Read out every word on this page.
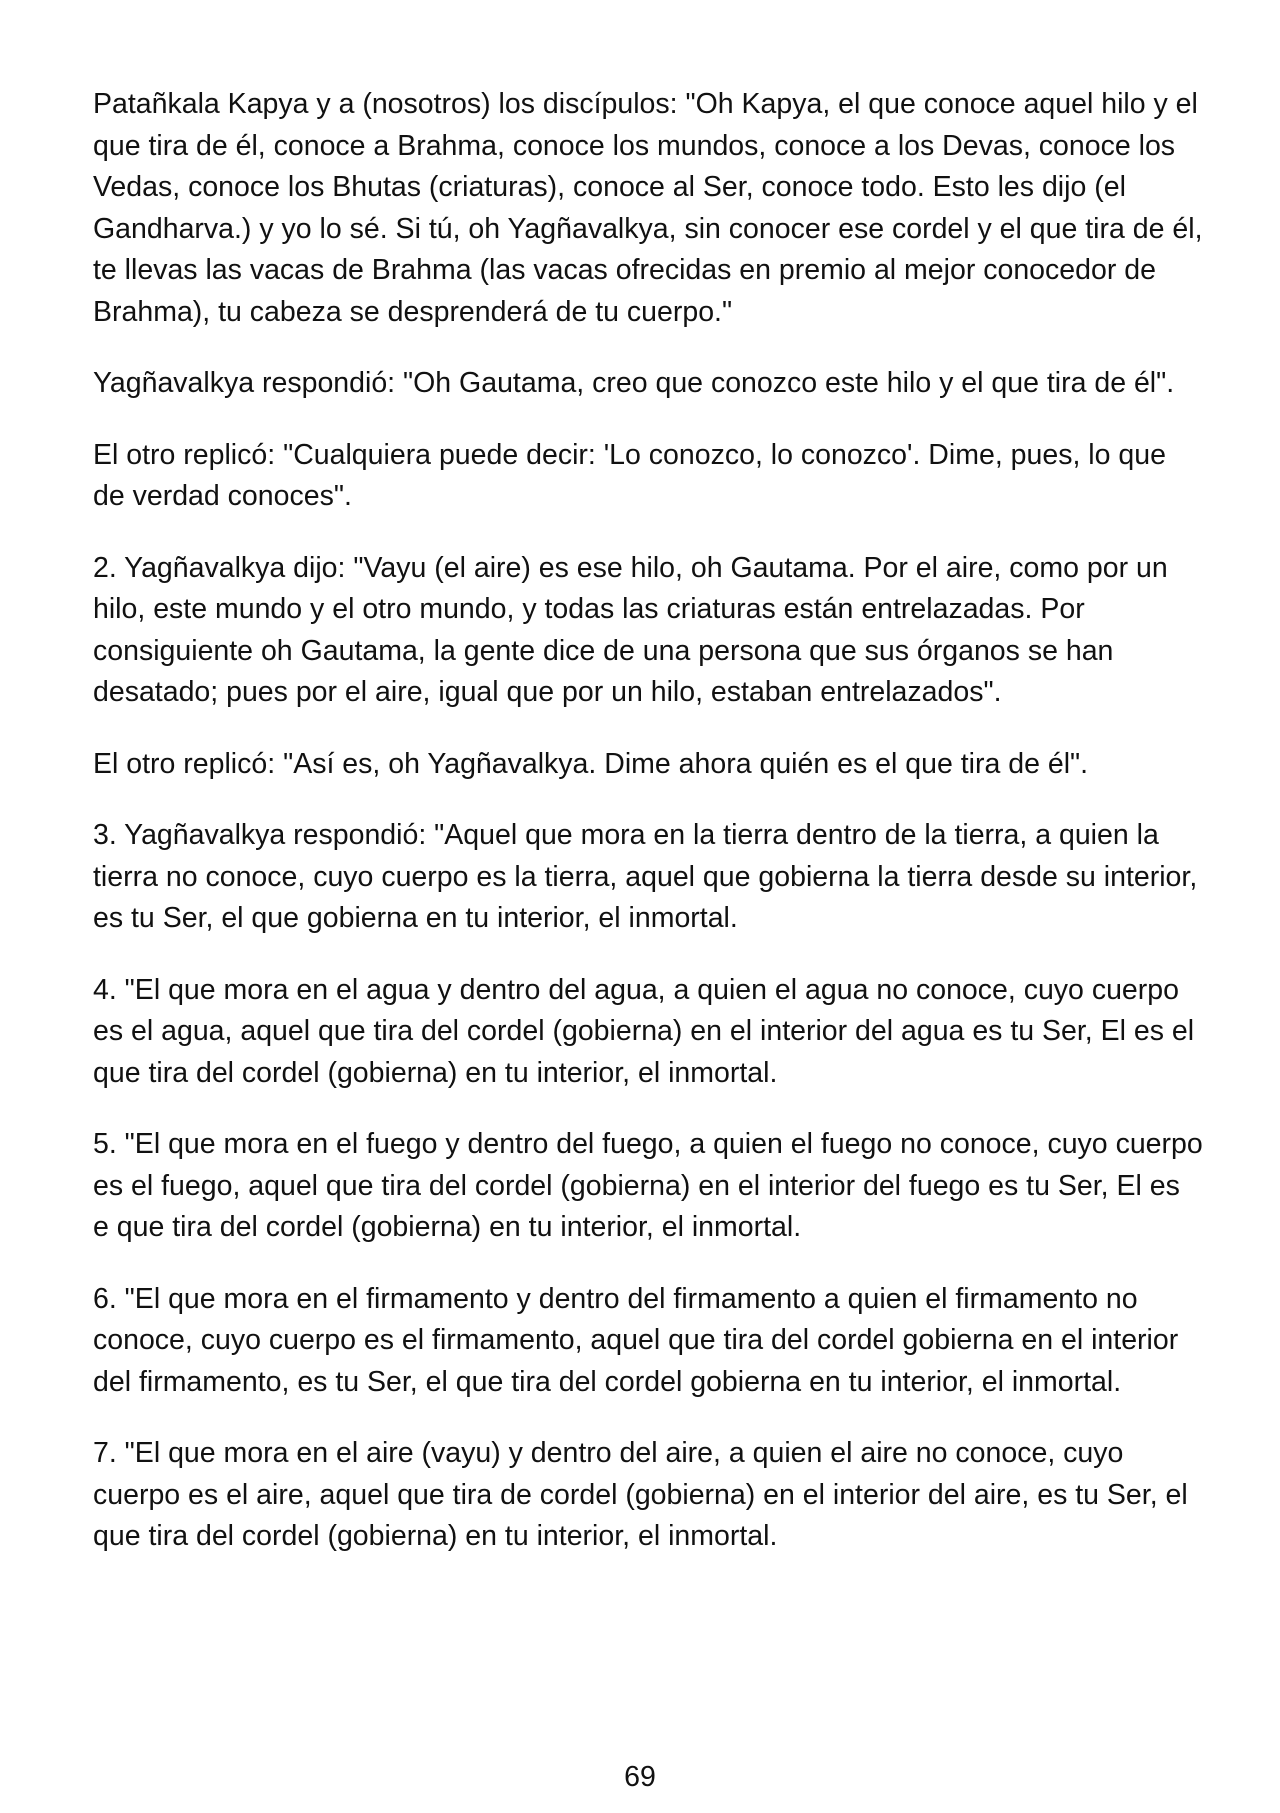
Patañkala Kapya y a (nosotros) los discípulos: "Oh Kapya, el que conoce aquel hilo y el que tira de él, conoce a Brahma, conoce los mundos, conoce a los Devas, conoce los Vedas, conoce los Bhutas (criaturas), conoce al Ser, conoce todo. Esto les dijo (el Gandharva.) y yo lo sé. Si tú, oh Yagñavalkya, sin conocer ese cordel y el que tira de él, te llevas las vacas de Brahma (las vacas ofrecidas en premio al mejor conocedor de Brahma), tu cabeza se desprenderá de tu cuerpo."

Yagñavalkya respondió: "Oh Gautama, creo que conozco este hilo y el que tira de él".

El otro replicó: "Cualquiera puede decir: 'Lo conozco, lo conozco'. Dime, pues, lo que de verdad conoces".

2. Yagñavalkya dijo: "Vayu (el aire) es ese hilo, oh Gautama. Por el aire, como por un hilo, este mundo y el otro mundo, y todas las criaturas están entrelazadas. Por consiguiente oh Gautama, la gente dice de una persona que sus órganos se han desatado; pues por el aire, igual que por un hilo, estaban entrelazados".

El otro replicó: "Así es, oh Yagñavalkya. Dime ahora quién es el que tira de él".

3. Yagñavalkya respondió: "Aquel que mora en la tierra dentro de la tierra, a quien la tierra no conoce, cuyo cuerpo es la tierra, aquel que gobierna la tierra desde su interior, es tu Ser, el que gobierna en tu interior, el inmortal.

4. "El que mora en el agua y dentro del agua, a quien el agua no conoce, cuyo cuerpo es el agua, aquel que tira del cordel (gobierna) en el interior del agua es tu Ser, El es el que tira del cordel (gobierna) en tu interior, el inmortal.

5. "El que mora en el fuego y dentro del fuego, a quien el fuego no conoce, cuyo cuerpo es el fuego, aquel que tira del cordel (gobierna) en el interior del fuego es tu Ser, El es e que tira del cordel (gobierna) en tu interior, el inmortal.

6. "El que mora en el firmamento y dentro del firmamento a quien el firmamento no conoce, cuyo cuerpo es el firmamento, aquel que tira del cordel gobierna en el interior del firmamento, es tu Ser, el que tira del cordel gobierna en tu interior, el inmortal.

7. "El que mora en el aire (vayu) y dentro del aire, a quien el aire no conoce, cuyo cuerpo es el aire, aquel que tira de cordel (gobierna) en el interior del aire, es tu Ser, el que tira del cordel (gobierna) en tu interior, el inmortal.

69
